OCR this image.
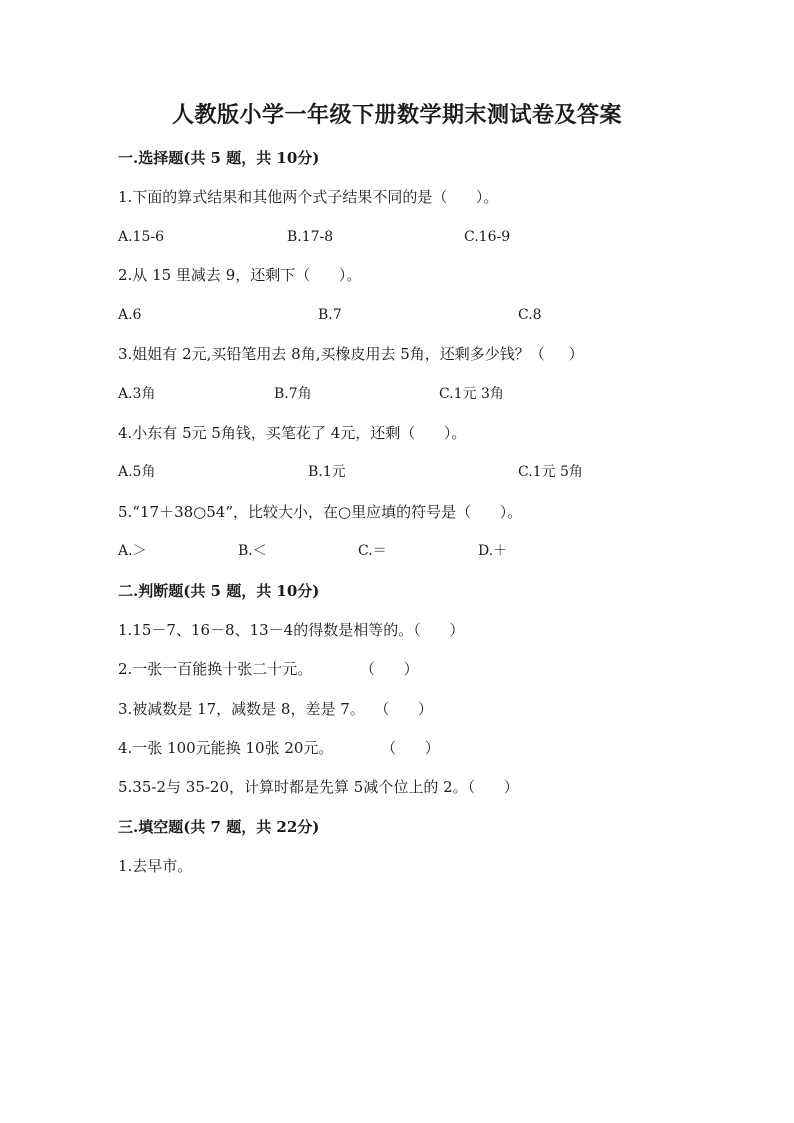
人教版小学一年级下册数学期末测试卷及答案
一.选择题(共 5 题，共 10分)
1.下面的算式结果和其他两个式子结果不同的是（      ）。
A.15-6	B.17-8	C.16-9
2.从 15 里减去 9，还剩下（      ）。
A.6	B.7	C.8
3.姐姐有 2元,买铅笔用去 8角,买橡皮用去 5角，还剩多少钱？（     ）
A.3角	B.7角	C.1元 3角
4.小东有 5元 5角钱，买笔花了 4元，还剩（      ）。
A.5角	B.1元	C.1元 5角
5.“17＋38○54”，比较大小，在○里应填的符号是（      ）。
A.＞	B.＜	C.＝	D.＋
二.判断题(共 5 题，共 10分)
1.15－7、16－8、13－4的得数是相等的。（      ）
2.一张一百能换十张二十元。          （      ）
3.被减数是 17，减数是 8，差是 7。  （      ）
4.一张 100元能换 10张 20元。          （      ）
5.35-2与 35-20，计算时都是先算 5减个位上的 2。（      ）
三.填空题(共 7 题，共 22分)
1.去早市。
